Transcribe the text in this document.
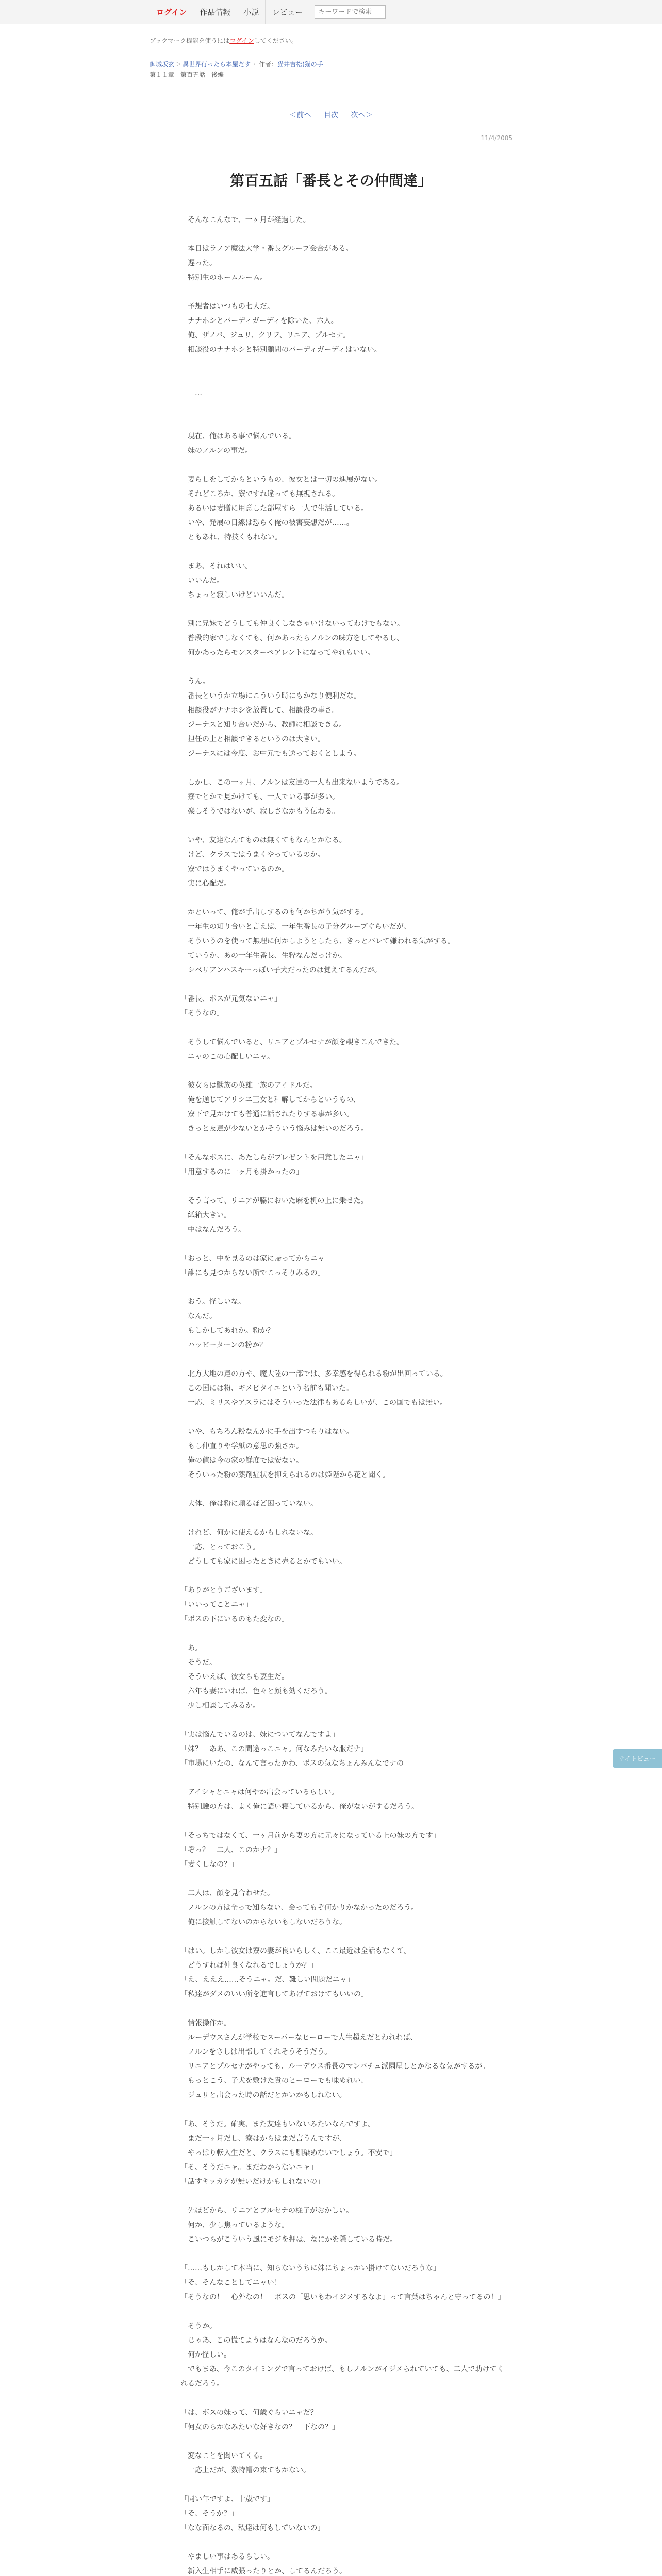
ログイン	作品情報	小説	レビュー
キーワードで検索
ブックマーク機能を使うにはログインしてください。
御城坂玄 ＞ 異世界行ったら本屋だす ・ 作者：猫井吉松(猫の手
第１１章　第百五話　後編
＜前へ 目次 次へ＞
11/4/2005
第百五話「番長とその仲間達」
　そんなこんなで、一ヶ月が経過した。
　本日はラノア魔法大学・番長グループ会合がある。
　遅った。
　特別生のホームルーム。
　予想者はいつもの七人だ。
　ナナホシとバーディガーディを除いた、六人。
　俺、ザノバ、ジュリ、クリフ、リニア、プルセナ。
　相談役のナナホシと特別顧問のバーディガーディはいない。
　　…
　現在、俺はある事で悩んでいる。
　妹のノルンの事だ。
　妻らしをしてからというもの、彼女とは一切の進展がない。
　それどころか、寮ですれ違っても無視される。
　あるいは妻贈に用意した部屋すら一人で生活している。
　いや、発展の目線は恐らく俺の被害妄想だが……。
　ともあれ、特技くもれない。
　まあ、それはいい。
　いいんだ。
　ちょっと寂しいけどいいんだ。
　別に兄妹でどうしても仲良くしなきゃいけないってわけでもない。
　普段的家でしなくても、何かあったらノルンの味方をしてやるし、
　何かあったらモンスターペアレントになってやれもいい。
　うん。
　番長というか立場にこういう時にもかなり便利だな。
　相談役がナナホシを放置して、相談役の事さ。
　ジーナスと知り合いだから、教師に相談できる。
　担任の上と相談できるというのは大きい。
　ジーナスには今度、お中元でも送っておくとしよう。
　しかし、この一ヶ月、ノルンは友達の一人も出来ないようである。
　寮でとかで見かけても、一人でいる事が多い。
　楽しそうではないが、寂しさなかもう伝わる。
　いや、友達なんてものは無くてもなんとかなる。
　けど、クラスではうまくやっているのか。
　寮ではうまくやっているのか。
　実に心配だ。
　かといって、俺が手出しするのも何かちがう気がする。
　一年生の知り合いと言えば、一年生番長の子分グループぐらいだが、
　そういうのを使って無理に何かしようとしたら、きっとバレて嫌われる気がする。
　ていうか、あの一年生番長、生粋なんだっけか。
　シベリアンハスキーっぽい子犬だったのは覚えてるんだが。
「番長、ボスが元気ないニャ」
「そうなの」
　そうして悩んでいると、リニアとプルセナが顔を覗きこんできた。
　ニャのこの心配しいニャ。
　彼女らは獣族の英雄一族のアイドルだ。
　俺を通じてアリシエ王女と和解してからというもの、
　寮下で見かけても普通に話されたりする事が多い。
　きっと友達が少ないとかそういう悩みは無いのだろう。
「そんなボスに、あたしらがプレゼントを用意したニャ」
「用意するのに一ヶ月も掛かったの」
　そう言って、リニアが脇においた麻を机の上に乗せた。
　紙箱大きい。
　中はなんだろう。
「おっと、中を見るのは家に帰ってからニャ」
「誰にも見つからない所でこっそりみるの」
　おう。怪しいな。
　なんだ。
　もしかしてあれか。粉か？
　ハッピーターンの粉か？
　北方大地の達の方や、魔大陸の一部では、多幸感を得られる粉が出回っている。
　この国には粉、ギメビタイエという名前も聞いた。
　一応、ミリスやアスラにはそういった法律もあるらしいが、この国でもは無い。
　いや、もちろん粉なんかに手を出すつもりはない。
　もし仲直りや学紙の意思の強さか。
　俺の値は今の家の鮮度では安ない。
　そういった粉の薬剤症状を抑えられるのは姫陛から花と聞く。
　大体、俺は粉に頼るほど困っていない。
　けれど、何かに使えるかもしれないな。
　一応、とっておこう。
　どうしても家に困ったときに売るとかでもいい。
「ありがとうございます」
「いいってことニャ」
「ボスの下にいるのもた変なの」
　あ。
　そうだ。
　そういえば、彼女らも妻生だ。
　六年も妻にいれば、色々と顔も効くだろう。
　少し相談してみるか。
「実は悩んでいるのは、妹についてなんですよ」
「妹？　ああ、この間途っこニャ。何なみたいな服だナ」
「市場にいたの、なんて言ったかわ、ボスの気なちょんみんなでナの」
　アイシャとニャは何やか出会っているらしい。
　特别驗の方は、よく俺に語い寝しているから、俺がないがするだろう。
「そっちではなくて、一ヶ月前から妻の方に元々になっている上の妹の方です」
「ぞっ？　二人、このかナ？」
「妻くしなの？」
　二人は、顔を見合わせた。
　ノルンの方は全っで知らない、会ってもぞ何かりかなかったのだろう。
　俺に接触してないのからないもしないだろうな。
「はい。しかし彼女は寮の妻が良いらしく、ここ最近は全話もなくて。
　どうすれば仲良くなれるでしょうか？」
「え、えええ……そうニャ。だ、難しい問題だニャ」
「私達がダメのいい所を進言してあげておけてもいいの」
　情報操作か。
　ルーデウスさんが学校でスーパーなヒーローで人生超えだとわれれば、
　ノルンをさしは出部してくれそうそうだう。
　リニアとプルセナがやっても、ルーデウス番長のマンバチュ派園屋しとかなるな気がするが。
　もっとこう、子犬を敷けた貴のヒーローでも味めれい、
　ジュリと出会った時の話だとかいかもしれない。
「あ、そうだ。確実、また友達もいないみたいなんですよ。
　まだ一ヶ月だし、寮はからはまだ言うんですが、
　やっぱり転入生だと、クラスにも馴染めないでしょう。不安で」
「そ、そうだニャ。まだわからないニャ」
「話すキッカケが無いだけかもしれないの」
　先ほどから、リニアとプルセナの様子がおかしい。
　何か、少し焦っているような。
　こいつらがこういう風にモジを押は、なにかを隠している時だ。
「……もしかして本当に、知らないうちに妹にちょっかい掛けてないだろうな」
「そ、そんなことしてニャい！」
「そうなの！　心外なの！　ボスの「思いもわイジメするなよ」って言葉はちゃんと守ってるの！」
　そうか。
　じゃあ、この慌てようはなんなのだろうか。
　何か怪しい。
　でもまあ、今このタイミングで言っておけば、もしノルンがイジメられていても、二人で助けてくれるだろう。
「は、ボスの妹って、何歳ぐらいニャだ？」
「何女のらかなみたいな好きなの？　下なの？」
　変なことを聞いてくる。
　一応上だが、数特帽の束てもかない。
「同い年ですよ、十歳です」
「そ、そうか？」
「なな面なるの、私達は何もしていないの」
　やましい事はあるらしい。
　新入生相手に威張ったりとか、してるんだろう。
ナイトビュー
